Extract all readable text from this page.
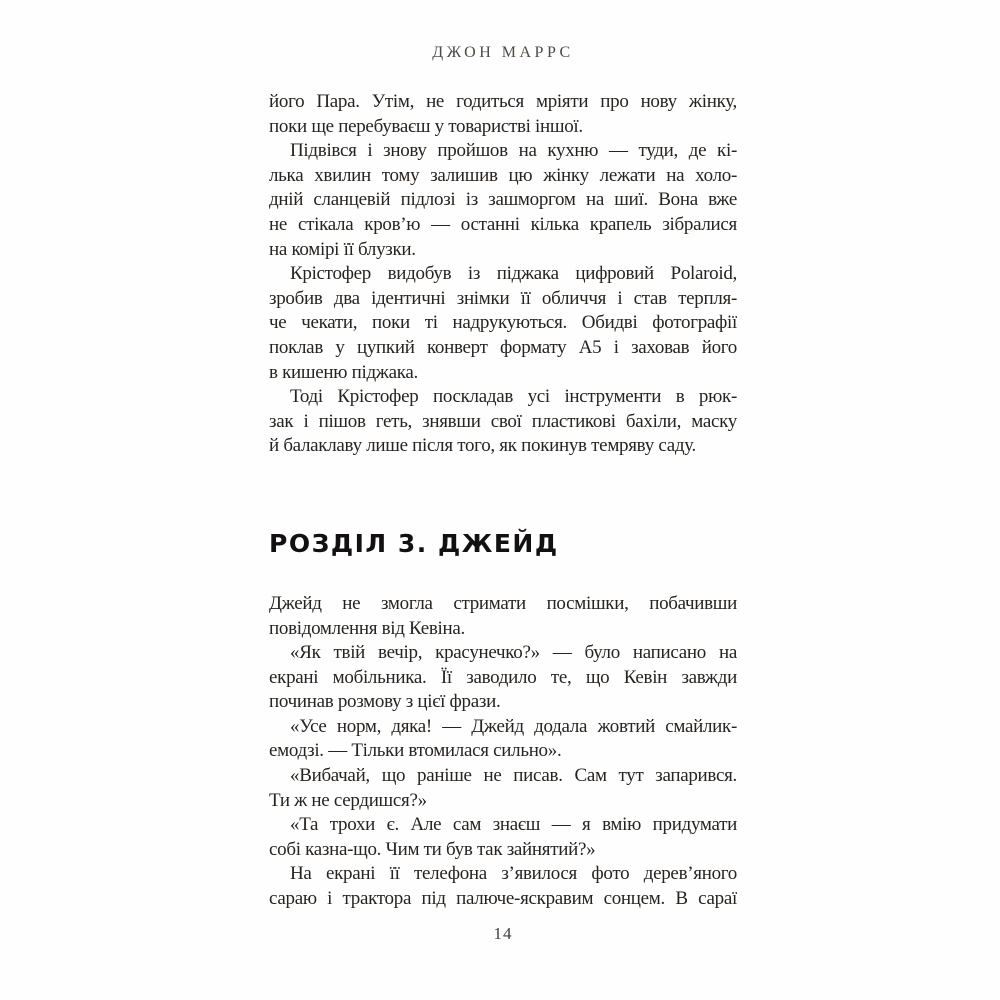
ДЖОН МАРРС
його Пара. Утім, не годиться мріяти про нову жінку,
поки ще перебуваєш у товаристві іншої.
Підвівся і знову пройшов на кухню — туди, де кі-
лька хвилин тому залишив цю жінку лежати на холо-
дній сланцевій підлозі із зашморгом на шиї. Вона вже
не стікала кров’ю — останні кілька крапель зібралися
на комірі її блузки.
Крістофер видобув із піджака цифровий Polaroid,
зробив два ідентичні знімки її обличчя і став терпля-
че чекати, поки ті надрукуються. Обидві фотографії
поклав у цупкий конверт формату А5 і заховав його
в кишеню піджака.
Тоді Крістофер поскладав усі інструменти в рюк-
зак і пішов геть, знявши свої пластикові бахіли, маску
й балаклаву лише після того, як покинув темряву саду.
РОЗДІЛ 3. ДЖЕЙД
Джейд не змогла стримати посмішки, побачивши
повідомлення від Кевіна.
«Як твій вечір, красунечко?» — було написано на
екрані мобільника. Її заводило те, що Кевін завжди
починав розмову з цієї фрази.
«Усе норм, дяка! — Джейд додала жовтий смайлик-
емодзі. — Тільки втомилася сильно».
«Вибачай, що раніше не писав. Сам тут запарився.
Ти ж не сердишся?»
«Та трохи є. Але сам знаєш — я вмію придумати
собі казна-що. Чим ти був так зайнятий?»
На екрані її телефона з’явилося фото дерев’яного
сараю і трактора під палюче-яскравим сонцем. В сараї
14
